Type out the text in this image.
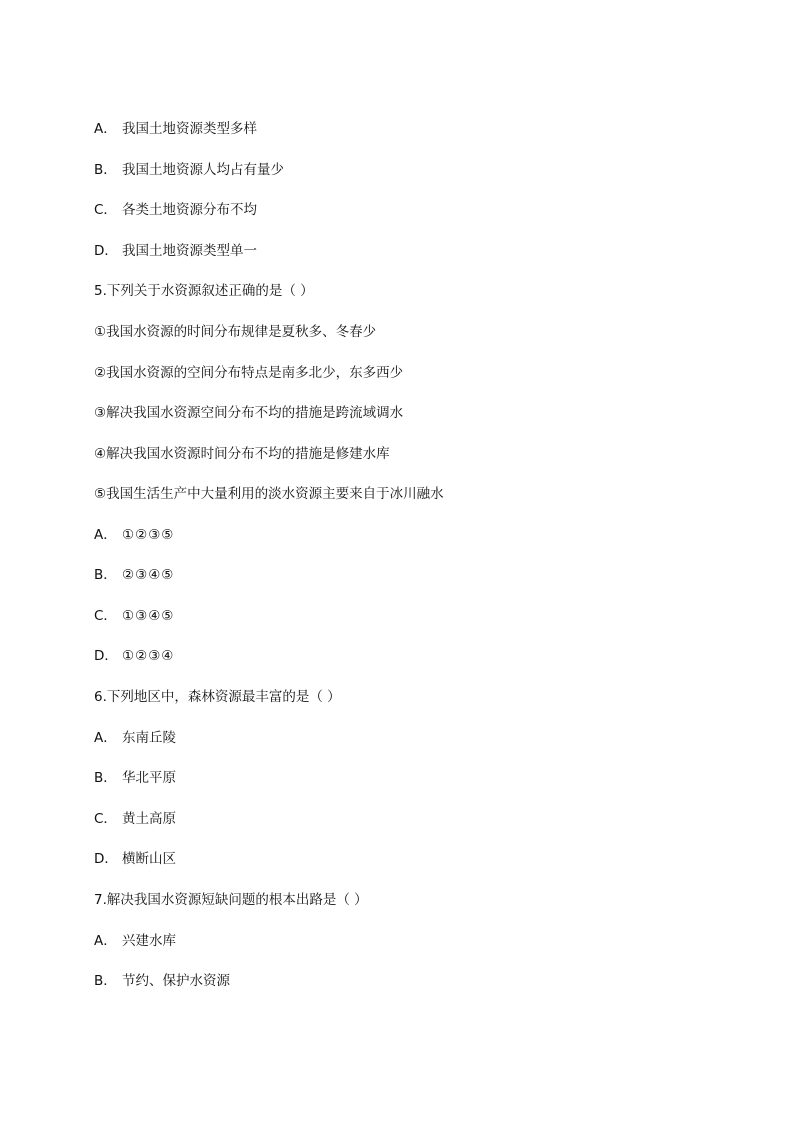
A． 我国土地资源类型多样
B． 我国土地资源人均占有量少
C． 各类土地资源分布不均
D． 我国土地资源类型单一
5.下列关于水资源叙述正确的是（ ）
①我国水资源的时间分布规律是夏秋多、冬春少
②我国水资源的空间分布特点是南多北少，东多西少
③解决我国水资源空间分布不均的措施是跨流域调水
④解决我国水资源时间分布不均的措施是修建水库
⑤我国生活生产中大量利用的淡水资源主要来自于冰川融水
A． ①②③⑤
B． ②③④⑤
C． ①③④⑤
D． ①②③④
6.下列地区中，森林资源最丰富的是（ ）
A． 东南丘陵
B． 华北平原
C． 黄土高原
D． 横断山区
7.解决我国水资源短缺问题的根本出路是（ ）
A． 兴建水库
B． 节约、保护水资源
